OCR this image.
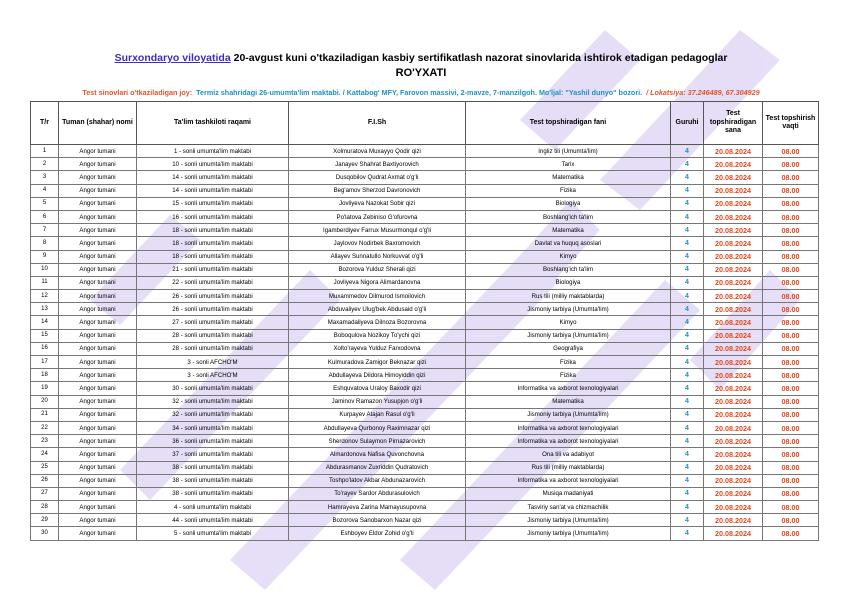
Surxondaryo viloyatida 20-avgust kuni o'tkaziladigan kasbiy sertifikatlash nazorat sinovlarida ishtirok etadigan pedagoglar
RO'YXATI
Test sinovlari o'tkaziladigan joy: Termiz shahridagi 26-umumta'lim maktabi. / Kattabog' MFY, Farovon massivi, 2-mavze, 7-manzilgoh. Mo'ljal: "Yashil dunyo" bozori. / Lokatsiya: 37.246489, 67.304929
T/r	Tuman (shahar) nomi	Ta'lim tashkiloti raqami	F.I.Sh	Test topshiradigan fani	Guruhi	Test topshiradigan sana	Test topshirish vaqti
1	Angor tumani	1 - sonli umumta'lim maktabi	Xolmuratova Muxayyo Qodir qizi	Ingliz tili (Umumta'lim)	4	20.08.2024	08.00
2	Angor tumani	10 - sonli umumta'lim maktabi	Janayev Shahrat Baxtiyorovich	Tarix	4	20.08.2024	08.00
3	Angor tumani	14 - sonli umumta'lim maktabi	Dusqobilov Qudrat Axmat o'g'li	Matematika	4	20.08.2024	08.00
4	Angor tumani	14 - sonli umumta'lim maktabi	Beg'amov Sherzod Davronovich	Fizika	4	20.08.2024	08.00
5	Angor tumani	15 - sonli umumta'lim maktabi	Jovliyeva Nazokat Sobir qizi	Biologiya	4	20.08.2024	08.00
6	Angor tumani	16 - sonli umumta'lim maktabi	Po'latova Zebiniso G'ofurovna	Boshlang'ich ta'lim	4	20.08.2024	08.00
7	Angor tumani	18 - sonli umumta'lim maktabi	Igamberdiyev Farrux Musurmonqul o'g'li	Matematika	4	20.08.2024	08.00
8	Angor tumani	18 - sonli umumta'lim maktabi	Jaylovov Nodirbek Baxromovich	Davlat va huquq asoslari	4	20.08.2024	08.00
9	Angor tumani	18 - sonli umumta'lim maktabi	Allayev Sunnatullo Norkuvvat o'g'li	Kimyo	4	20.08.2024	08.00
10	Angor tumani	21 - sonli umumta'lim maktabi	Bozorova Yulduz Sherali qizi	Boshlang'ich ta'lim	4	20.08.2024	08.00
11	Angor tumani	22 - sonli umumta'lim maktabi	Jovliyeva Nigora Alimardanovna	Biologiya	4	20.08.2024	08.00
12	Angor tumani	26 - sonli umumta'lim maktabi	Muxammedov Dilmurod Ismoilovich	Rus tili (milliy maktablarda)	4	20.08.2024	08.00
13	Angor tumani	26 - sonli umumta'lim maktabi	Abduvaliyev Ulug'bek Abdusaid o'g'li	Jismoniy tarbiya (Umumta'lim)	4	20.08.2024	08.00
14	Angor tumani	27 - sonli umumta'lim maktabi	Maxamadaliyeva Dilnoza Bozorovna	Kimyo	4	20.08.2024	08.00
15	Angor tumani	28 - sonli umumta'lim maktabi	Boboqulova Nozikoy To'ychi qizi	Jismoniy tarbiya (Umumta'lim)	4	20.08.2024	08.00
16	Angor tumani	28 - sonli umumta'lim maktabi	Xolto'rayeva Yulduz Farxodovna	Geografiya	4	20.08.2024	08.00
17	Angor tumani	3 - sonli AFCHO'M	Kulmuradova Zamigor Beknazar qizi	Fizika	4	20.08.2024	08.00
18	Angor tumani	3 - sonli AFCHO'M	Abdullayeva Dildora Himoyiddin qizi	Fizika	4	20.08.2024	08.00
19	Angor tumani	30 - sonli umumta'lim maktabi	Eshquvatova Uraloy Baxodir qizi	Informatika va axborot texnologiyalari	4	20.08.2024	08.00
20	Angor tumani	32 - sonli umumta'lim maktabi	Jaminov Ramazon Yusupjon o'g'li	Matematika	4	20.08.2024	08.00
21	Angor tumani	32 - sonli umumta'lim maktabi	Kurpayev Atajan Rasul o'g'li	Jismoniy tarbiya (Umumta'lim)	4	20.08.2024	08.00
22	Angor tumani	34 - sonli umumta'lim maktabi	Abdullayeva Qurbonoy Raximnazar qizi	Informatika va axborot texnologiyalari	4	20.08.2024	08.00
23	Angor tumani	36 - sonli umumta'lim maktabi	Sherdonov Sulaymon Pirnazarovich	Informatika va axborot texnologiyalari	4	20.08.2024	08.00
24	Angor tumani	37 - sonli umumta'lim maktabi	Almardonova Nafisa Quvonchovna	Ona tili va adabiyot	4	20.08.2024	08.00
25	Angor tumani	38 - sonli umumta'lim maktabi	Abdurasmanov Zuxriddin Qudratovich	Rus tili (milliy maktablarda)	4	20.08.2024	08.00
26	Angor tumani	38 - sonli umumta'lim maktabi	Toshpo'latov Akbar Abdunazarovich	Informatika va axborot texnologiyalari	4	20.08.2024	08.00
27	Angor tumani	38 - sonli umumta'lim maktabi	To'rayev Sardor Abdurasulovich	Musiqa madaniyati	4	20.08.2024	08.00
28	Angor tumani	4 - sonli umumta'lim maktabi	Hamrayeva Zarina Mamayusupovna	Tasviriy san'at va chizmachilik	4	20.08.2024	08.00
29	Angor tumani	44 - sonli umumta'lim maktabi	Bozorova Sanobarxon Nazar qizi	Jismoniy tarbiya (Umumta'lim)	4	20.08.2024	08.00
30	Angor tumani	5 - sonli umumta'lim maktabi	Eshboyev Eldor Zohid o'g'li	Jismoniy tarbiya (Umumta'lim)	4	20.08.2024	08.00
